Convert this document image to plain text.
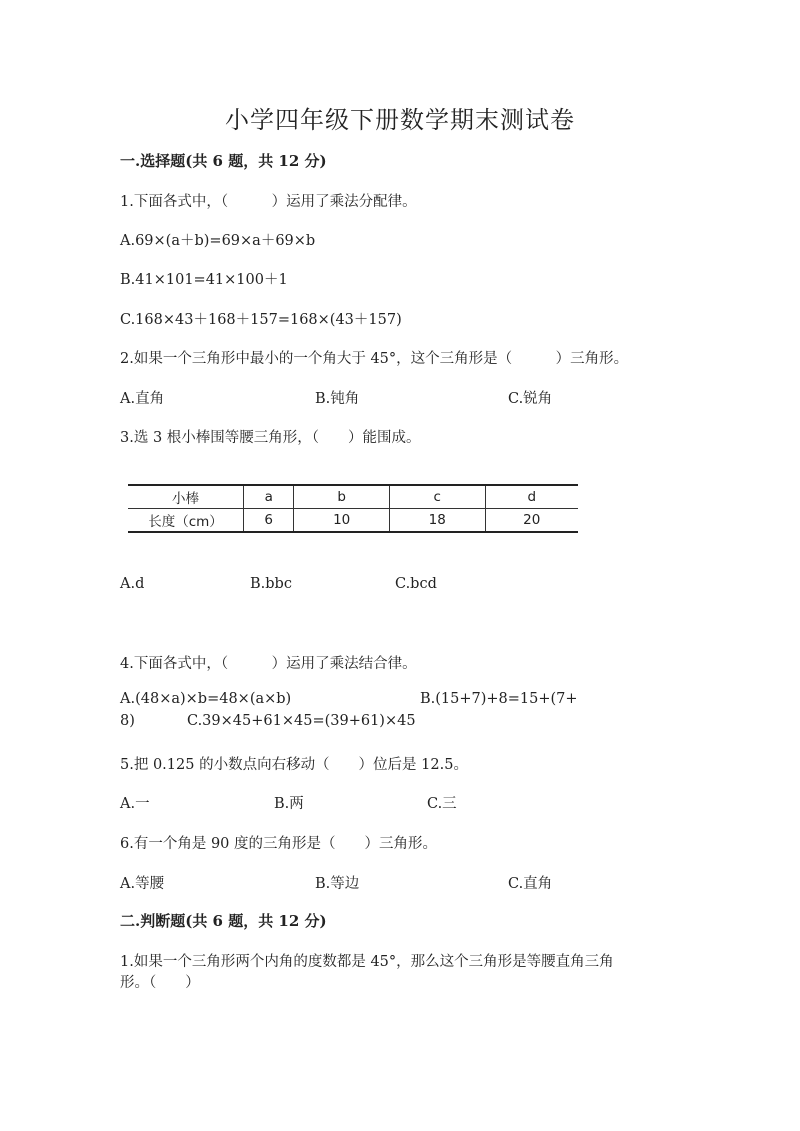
小学四年级下册数学期末测试卷
一.选择题(共 6 题，共 12 分)
1.下面各式中，（　　　）运用了乘法分配律。
A.69×(a＋b)=69×a＋69×b
B.41×101=41×100＋1
C.168×43＋168＋157=168×(43＋157)
2.如果一个三角形中最小的一个角大于 45°，这个三角形是（　　　）三角形。
A.直角	B.钝角	C.锐角
3.选 3 根小棒围等腰三角形，（　　）能围成。
小棒	a	b	c	d
长度（cm）	6	10	18	20
A.d	B.bbc	C.bcd
4.下面各式中，（　　　）运用了乘法结合律。
A.(48×a)×b=48×(a×b)	B.(15+7)+8=15+(7+
8)	C.39×45+61×45=(39+61)×45
5.把 0.125 的小数点向右移动（　　）位后是 12.5。
A.一	B.两	C.三
6.有一个角是 90 度的三角形是（　　）三角形。
A.等腰	B.等边	C.直角
二.判断题(共 6 题，共 12 分)
1.如果一个三角形两个内角的度数都是 45°，那么这个三角形是等腰直角三角
形。（　　）
